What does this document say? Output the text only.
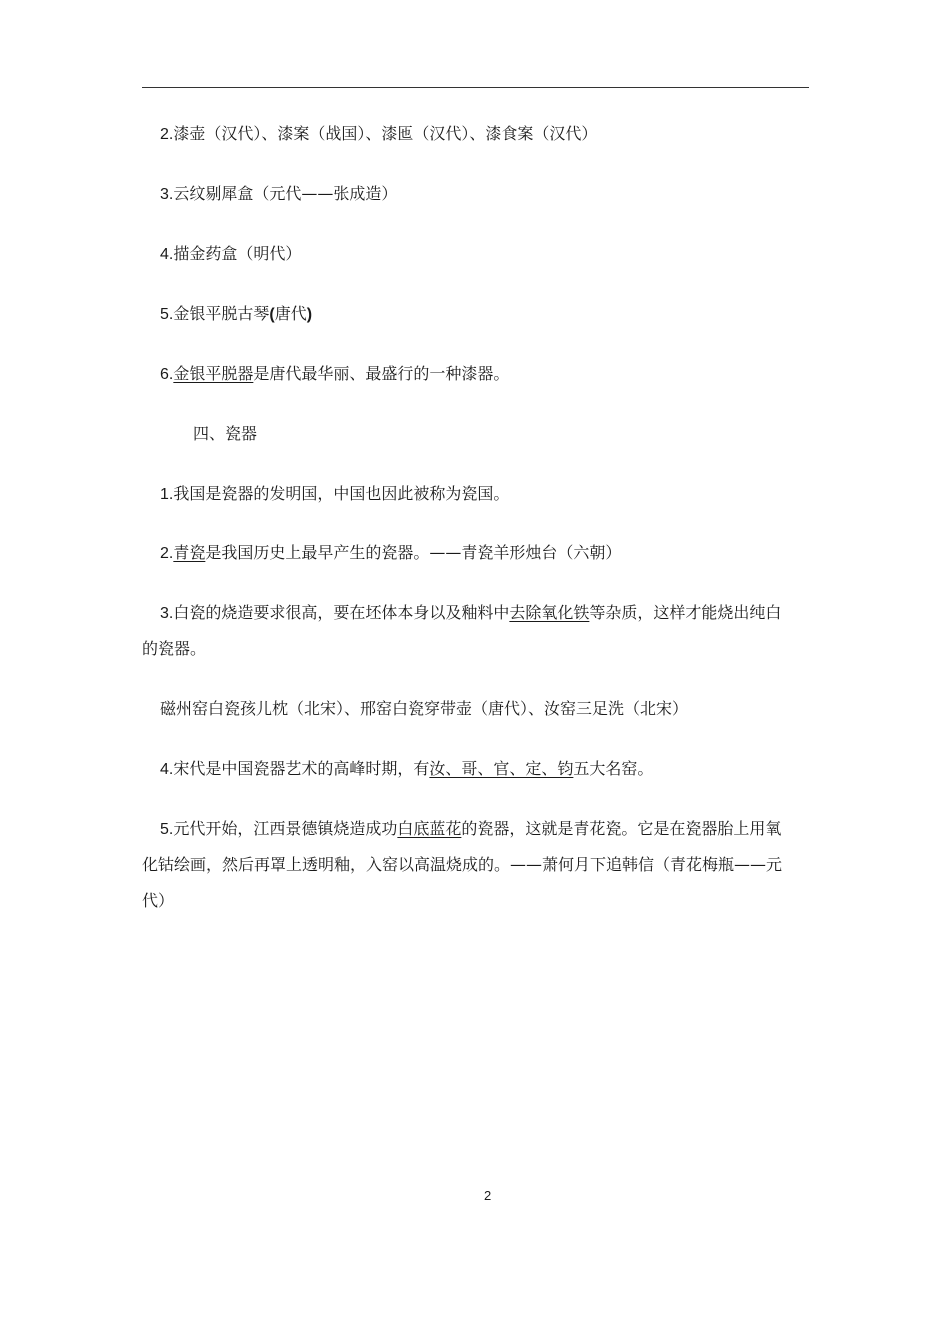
2.漆壶（汉代）、漆案（战国）、漆匜（汉代）、漆食案（汉代）
3.云纹剔犀盒（元代——张成造）
4.描金药盒（明代）
5.金银平脱古琴(唐代)
6.金银平脱器是唐代最华丽、最盛行的一种漆器。
四、瓷器
1.我国是瓷器的发明国，中国也因此被称为瓷国。
2.青瓷是我国历史上最早产生的瓷器。——青瓷羊形烛台（六朝）
3.白瓷的烧造要求很高，要在坯体本身以及釉料中去除氧化铁等杂质，这样才能烧出纯白
的瓷器。
磁州窑白瓷孩儿枕（北宋）、邢窑白瓷穿带壶（唐代）、汝窑三足洗（北宋）
4.宋代是中国瓷器艺术的高峰时期，有汝、哥、官、定、钧五大名窑。
5.元代开始，江西景德镇烧造成功白底蓝花的瓷器，这就是青花瓷。它是在瓷器胎上用氧
化钴绘画，然后再罩上透明釉，入窑以高温烧成的。——萧何月下追韩信（青花梅瓶——元
代）
2
